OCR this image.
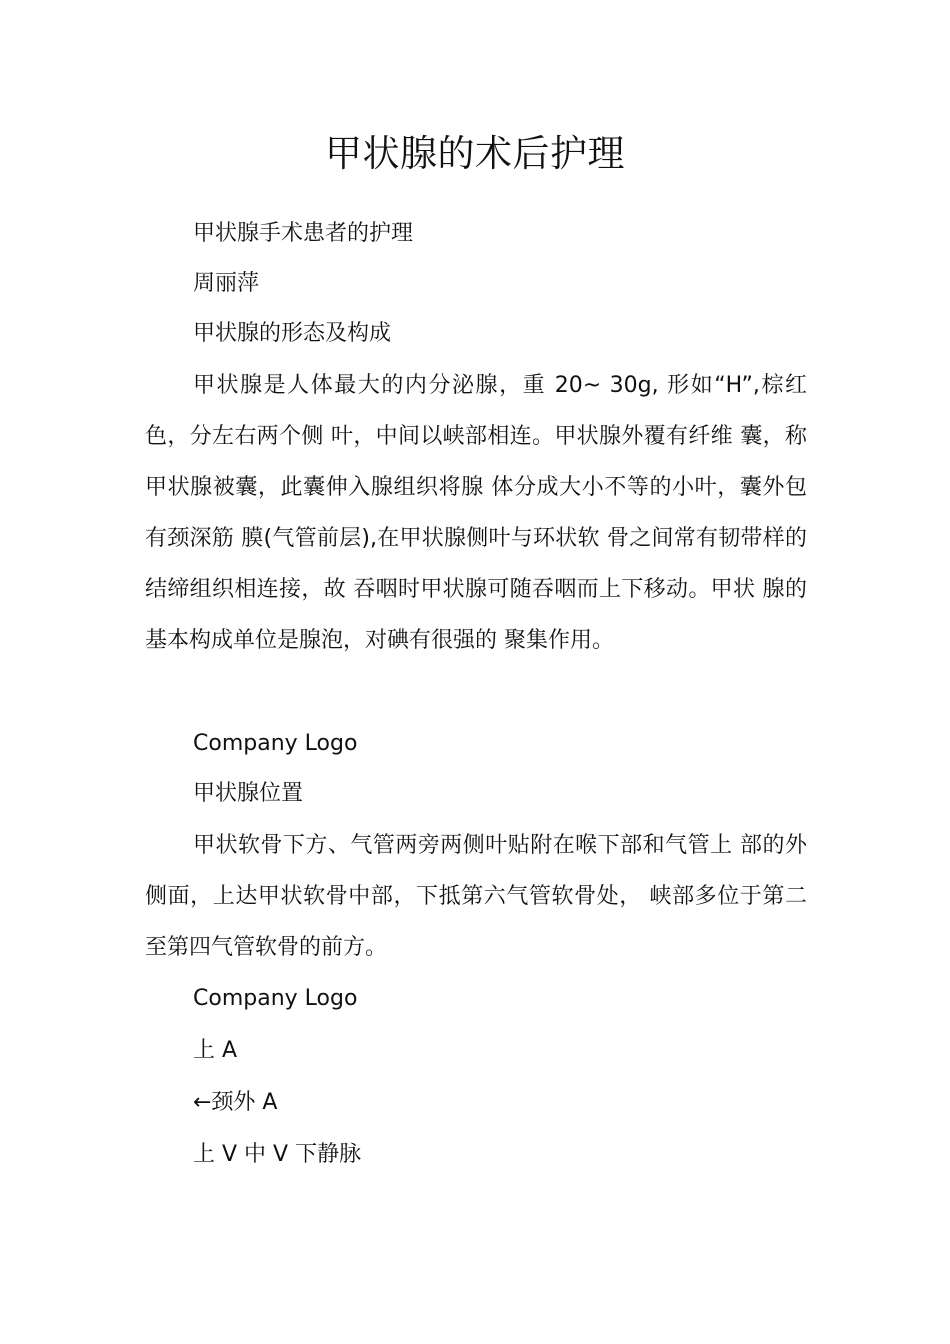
甲状腺的术后护理

甲状腺手术患者的护理

周丽萍

甲状腺的形态及构成

甲状腺是人体最大的内分泌腺，重 20~ 30g, 形如“H”,棕红色，分左右两个侧 叶，中间以峡部相连。甲状腺外覆有纤维 囊，称甲状腺被囊，此囊伸入腺组织将腺 体分成大小不等的小叶，囊外包有颈深筋 膜(气管前层),在甲状腺侧叶与环状软 骨之间常有韧带样的结缔组织相连接，故 吞咽时甲状腺可随吞咽而上下移动。甲状 腺的基本构成单位是腺泡，对碘有很强的 聚集作用。

Company Logo

甲状腺位置

甲状软骨下方、气管两旁两侧叶贴附在喉下部和气管上 部的外侧面，上达甲状软骨中部，下抵第六气管软骨处， 峡部多位于第二至第四气管软骨的前方。

Company Logo

上 A

←颈外 A

上 V 中 V 下静脉
